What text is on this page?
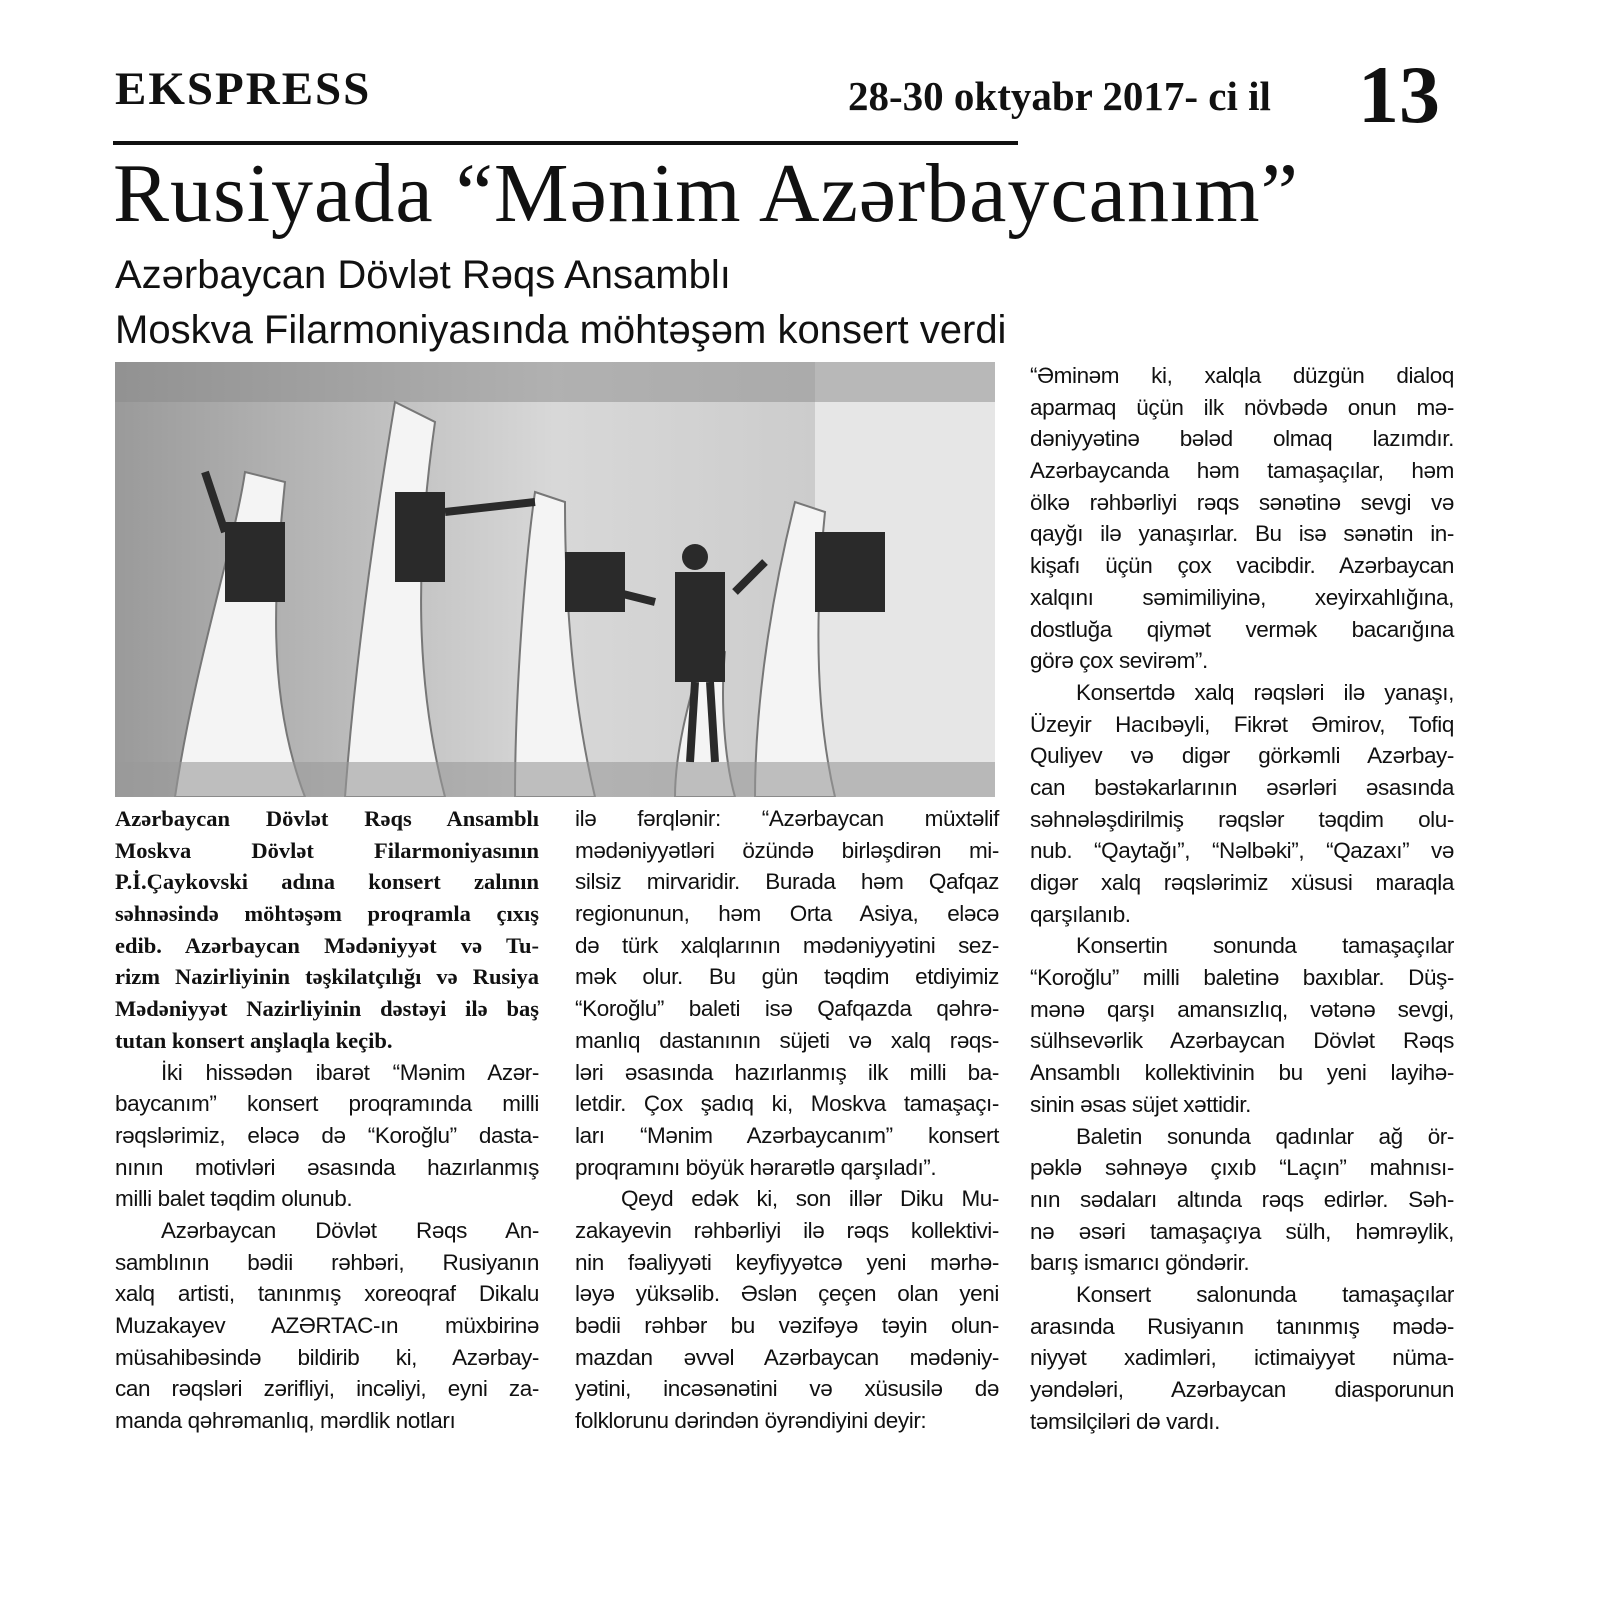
EKSPRESS	28-30 oktyabr 2017- ci il 13
Rusiyada “Mənim Azərbaycanım”
Azərbaycan Dövlət Rəqs Ansamblı
Moskva Filarmoniyasında möhtəşəm konsert verdi
Azərbaycan Dövlət Rəqs Ansamblı
Moskva Dövlət Filarmoniyasının
P.İ.Çaykovski adına konsert zalının
səhnəsində möhtəşəm proqramla çıxış
edib. Azərbaycan Mədəniyyət və Tu-
rizm Nazirliyinin təşkilatçılığı və Rusiya
Mədəniyyət Nazirliyinin dəstəyi ilə baş
tutan konsert anşlaqla keçib.
İki hissədən ibarət “Mənim Azər-
baycanım” konsert proqramında milli
rəqslərimiz, eləcə də “Koroğlu” dasta-
nının motivləri əsasında hazırlanmış
milli balet təqdim olunub.
Azərbaycan Dövlət Rəqs An-
samblının bədii rəhbəri, Rusiyanın
xalq artisti, tanınmış xoreoqraf Dikalu
Muzakayev AZƏRTAC-ın müxbirinə
müsahibəsində bildirib ki, Azərbay-
can rəqsləri zərifliyi, incəliyi, eyni za-
manda qəhrəmanlıq, mərdlik notları
ilə fərqlənir: “Azərbaycan müxtəlif
mədəniyyətləri özündə birləşdirən mi-
silsiz mirvaridir. Burada həm Qafqaz
regionunun, həm Orta Asiya, eləcə
də türk xalqlarının mədəniyyətini sez-
mək olur. Bu gün təqdim etdiyimiz
“Koroğlu” baleti isə Qafqazda qəhrə-
manlıq dastanının süjeti və xalq rəqs-
ləri əsasında hazırlanmış ilk milli ba-
letdir. Çox şadıq ki, Moskva tamaşaçı-
ları “Mənim Azərbaycanım” konsert
proqramını böyük hərarətlə qarşıladı”.
Qeyd edək ki, son illər Diku Mu-
zakayevin rəhbərliyi ilə rəqs kollektivi-
nin fəaliyyəti keyfiyyətcə yeni mərhə-
ləyə yüksəlib. Əslən çeçen olan yeni
bədii rəhbər bu vəzifəyə təyin olun-
mazdan əvvəl Azərbaycan mədəniy-
yətini, incəsənətini və xüsusilə də
folklorunu dərindən öyrəndiyini deyir:
“Əminəm ki, xalqla düzgün dialoq
aparmaq üçün ilk növbədə onun mə-
dəniyyətinə bələd olmaq lazımdır.
Azərbaycanda həm tamaşaçılar, həm
ölkə rəhbərliyi rəqs sənətinə sevgi və
qayğı ilə yanaşırlar. Bu isə sənətin in-
kişafı üçün çox vacibdir. Azərbaycan
xalqını səmimiliyinə, xeyirxahlığına,
dostluğa qiymət vermək bacarığına
görə çox sevirəm”.
Konsertdə xalq rəqsləri ilə yanaşı,
Üzeyir Hacıbəyli, Fikrət Əmirov, Tofiq
Quliyev və digər görkəmli Azərbay-
can bəstəkarlarının əsərləri əsasında
səhnələşdirilmiş rəqslər təqdim olu-
nub. “Qaytağı”, “Nəlbəki”, “Qazaxı” və
digər xalq rəqslərimiz xüsusi maraqla
qarşılanıb.
Konsertin sonunda tamaşaçılar
“Koroğlu” milli baletinə baxıblar. Düş-
mənə qarşı amansızlıq, vətənə sevgi,
sülhsevərlik Azərbaycan Dövlət Rəqs
Ansamblı kollektivinin bu yeni layihə-
sinin əsas süjet xəttidir.
Baletin sonunda qadınlar ağ ör-
pəklə səhnəyə çıxıb “Laçın” mahnısı-
nın sədaları altında rəqs edirlər. Səh-
nə əsəri tamaşaçıya sülh, həmrəylik,
barış ismarıcı göndərir.
Konsert salonunda tamaşaçılar
arasında Rusiyanın tanınmış mədə-
niyyət xadimləri, ictimaiyyət nüma-
yəndələri, Azərbaycan diasporunun
təmsilçiləri də vardı.
